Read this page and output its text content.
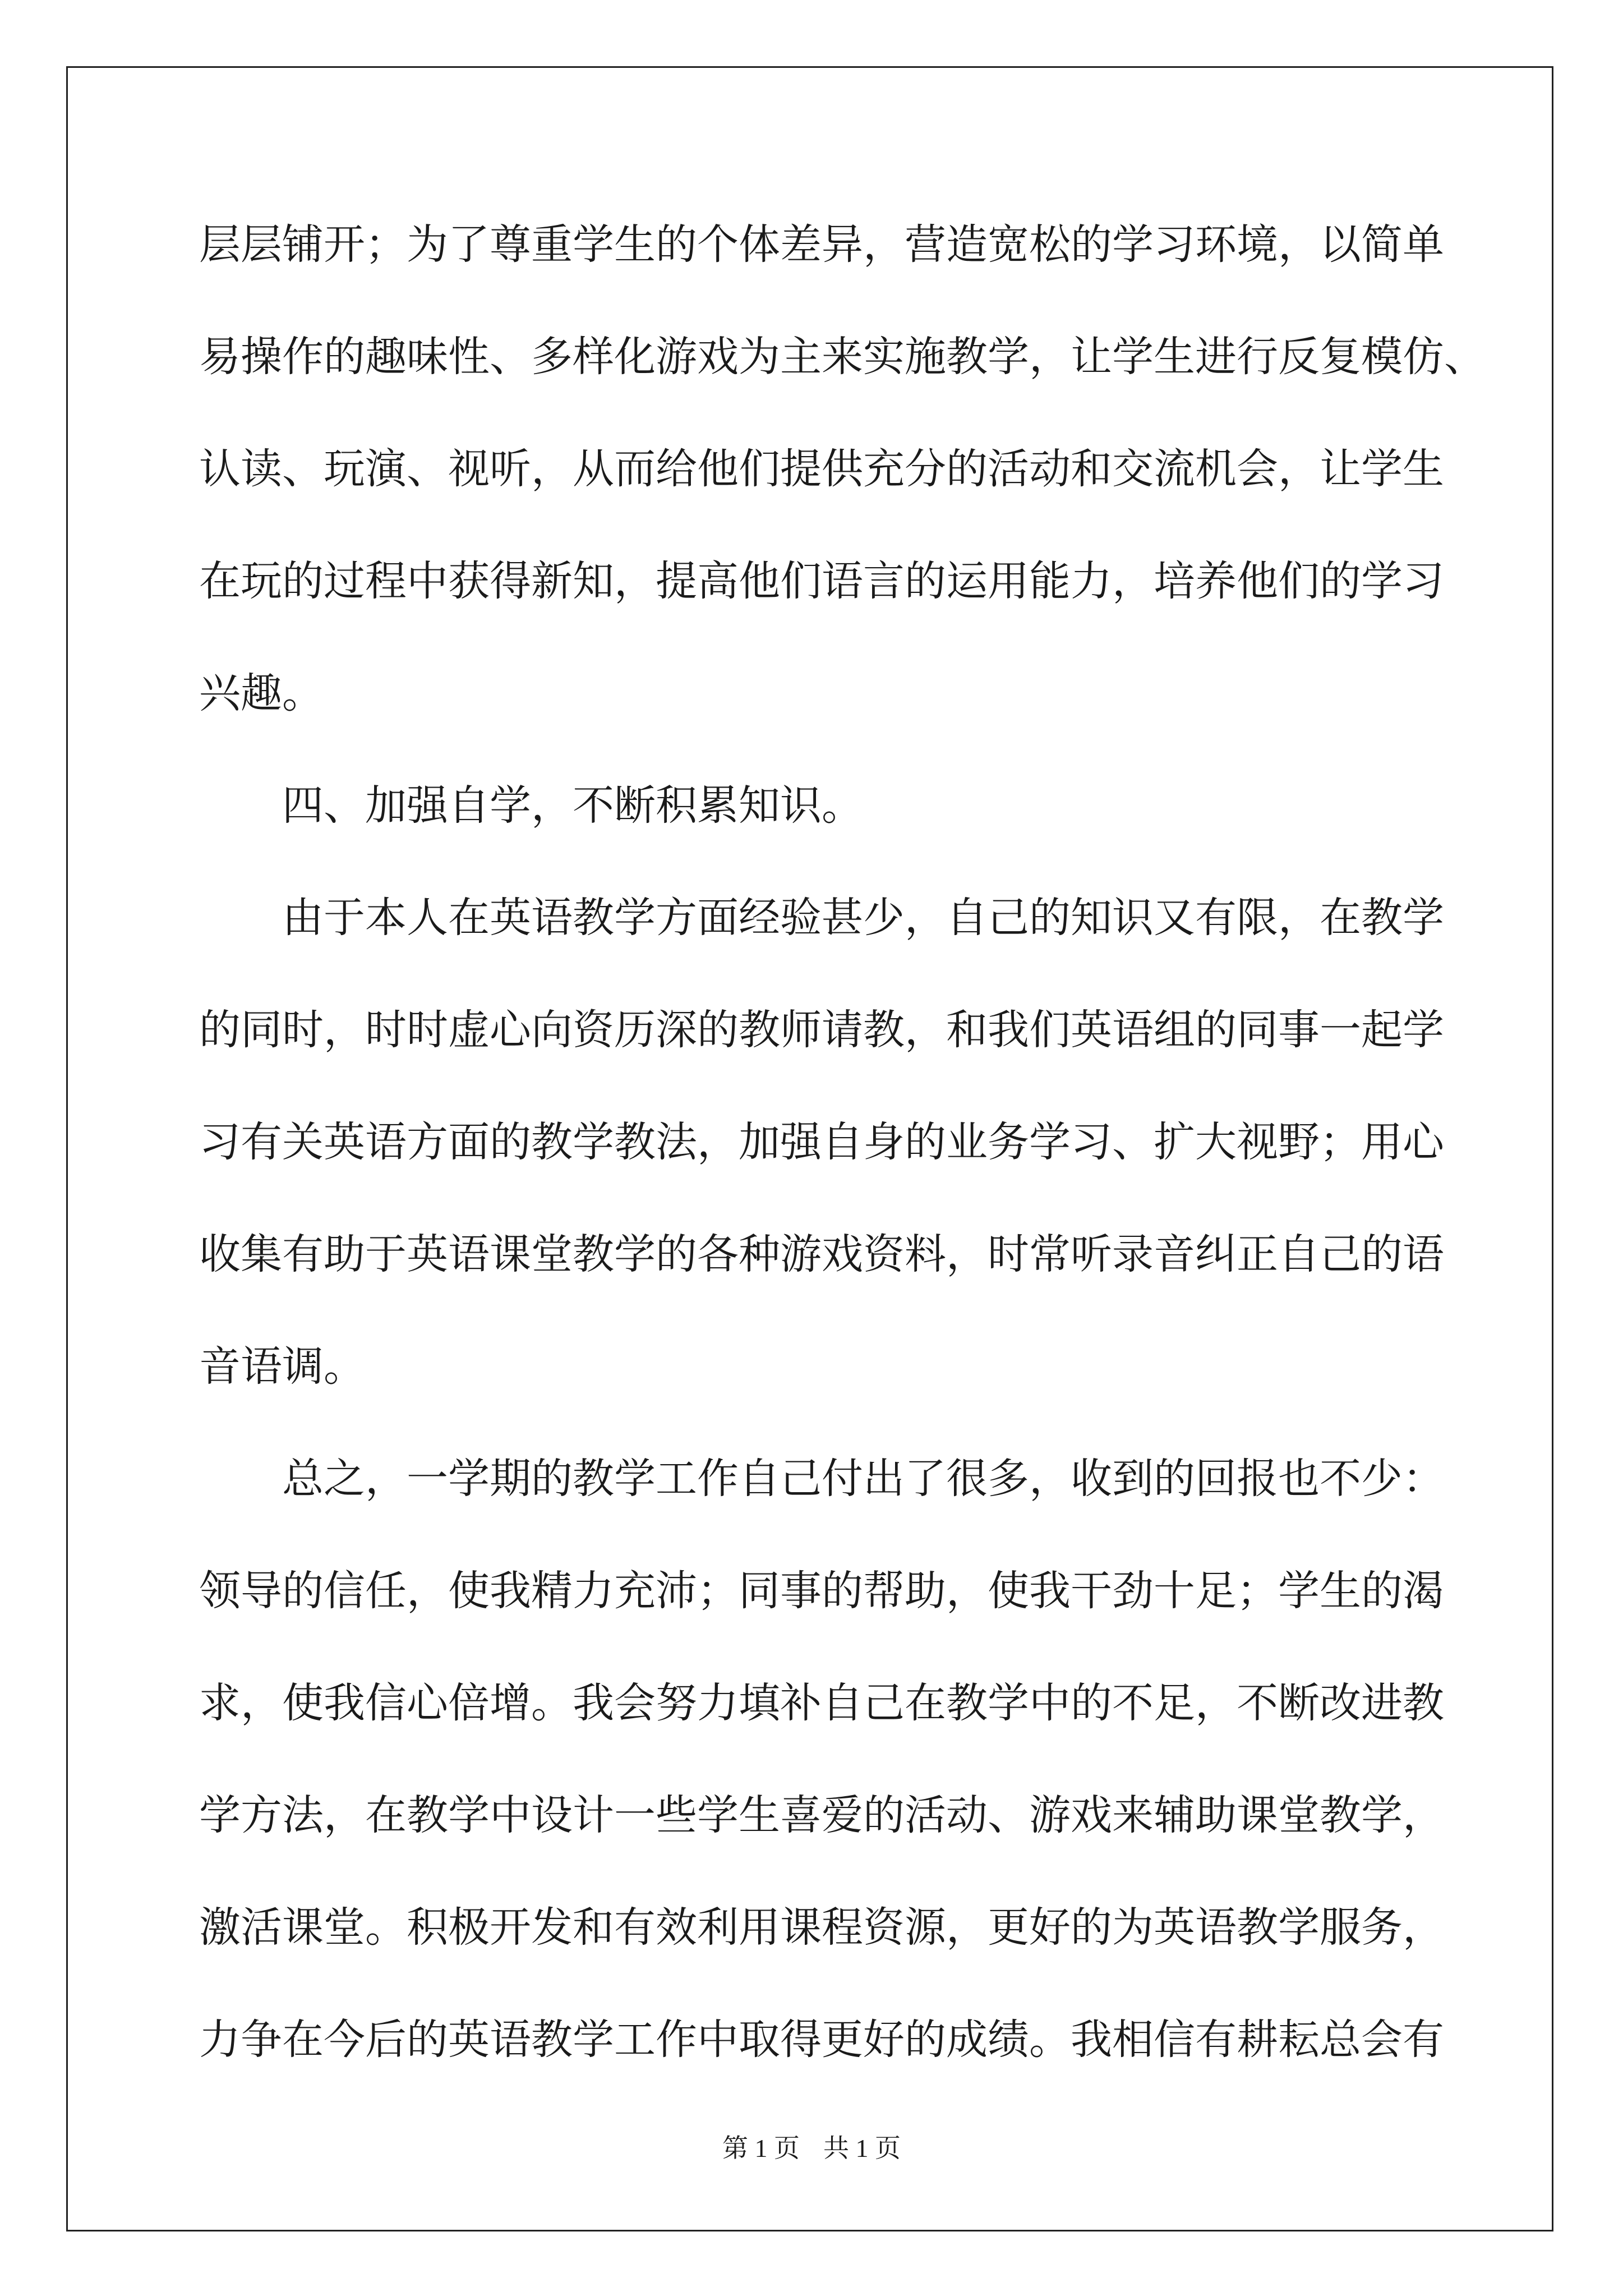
层层铺开；为了尊重学生的个体差异，营造宽松的学习环境，以简单
易操作的趣味性、多样化游戏为主来实施教学，让学生进行反复模仿、
认读、玩演、视听，从而给他们提供充分的活动和交流机会，让学生
在玩的过程中获得新知，提高他们语言的运用能力，培养他们的学习
兴趣。
四、加强自学，不断积累知识。
由于本人在英语教学方面经验甚少，自己的知识又有限，在教学
的同时，时时虚心向资历深的教师请教，和我们英语组的同事一起学
习有关英语方面的教学教法，加强自身的业务学习、扩大视野；用心
收集有助于英语课堂教学的各种游戏资料，时常听录音纠正自己的语
音语调。
总之，一学期的教学工作自己付出了很多，收到的回报也不少：
领导的信任，使我精力充沛；同事的帮助，使我干劲十足；学生的渴
求，使我信心倍增。我会努力填补自己在教学中的不足，不断改进教
学方法，在教学中设计一些学生喜爱的活动、游戏来辅助课堂教学，
激活课堂。积极开发和有效利用课程资源，更好的为英语教学服务，
力争在今后的英语教学工作中取得更好的成绩。我相信有耕耘总会有
第 1 页 共 1 页
